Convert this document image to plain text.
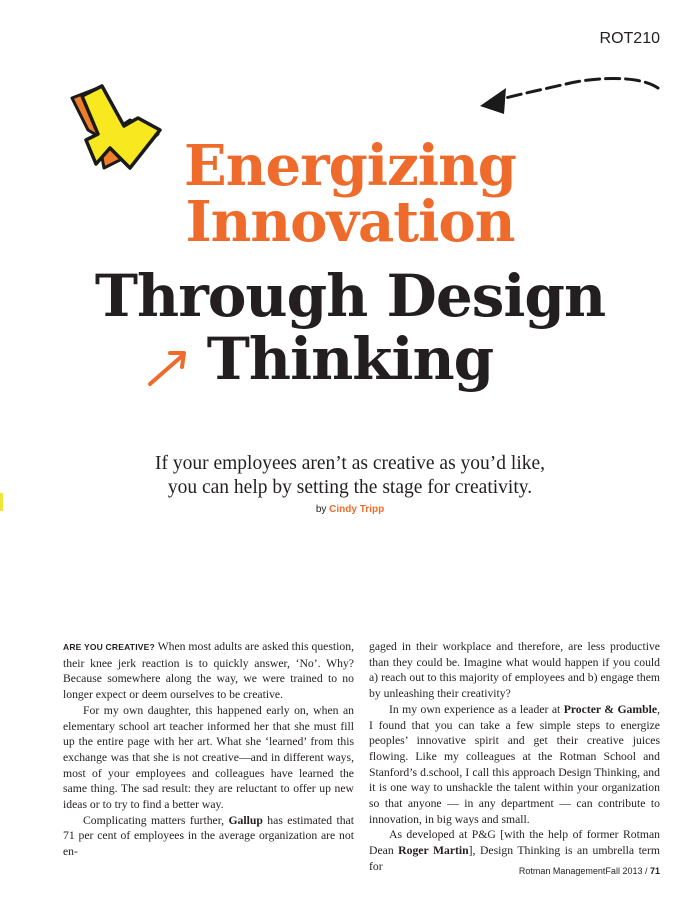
ROT210
Energizing
Innovation
Through Design
Thinking
If your employees aren’t as creative as you’d like,
you can help by setting the stage for creativity.
by Cindy Tripp

ARE YOU CREATIVE? When most adults are asked this question, their knee jerk reaction is to quickly answer, ‘No’. Why? Because somewhere along the way, we were trained to no longer expect or deem ourselves to be creative.

For my own daughter, this happened early on, when an elementary school art teacher informed her that she must fill up the entire page with her art. What she ‘learned’ from this exchange was that she is not creative—and in different ways, most of your employees and colleagues have learned the same thing. The sad result: they are reluctant to offer up new ideas or to try to find a better way.

Complicating matters further, Gallup has estimated that 71 per cent of employees in the average organization are not en-

gaged in their workplace and therefore, are less productive than they could be. Imagine what would happen if you could a) reach out to this majority of employees and b) engage them by unleashing their creativity?

In my own experience as a leader at Procter & Gamble, I found that you can take a few simple steps to energize peoples’ innovative spirit and get their creative juices flowing. Like my colleagues at the Rotman School and Stanford’s d.school, I call this approach Design Thinking, and it is one way to unshackle the talent within your organization so that anyone — in any department — can contribute to innovation, in big ways and small.

As developed at P&G [with the help of former Rotman Dean Roger Martin], Design Thinking is an umbrella term for	Rotman ManagementFall 2013 / 71
